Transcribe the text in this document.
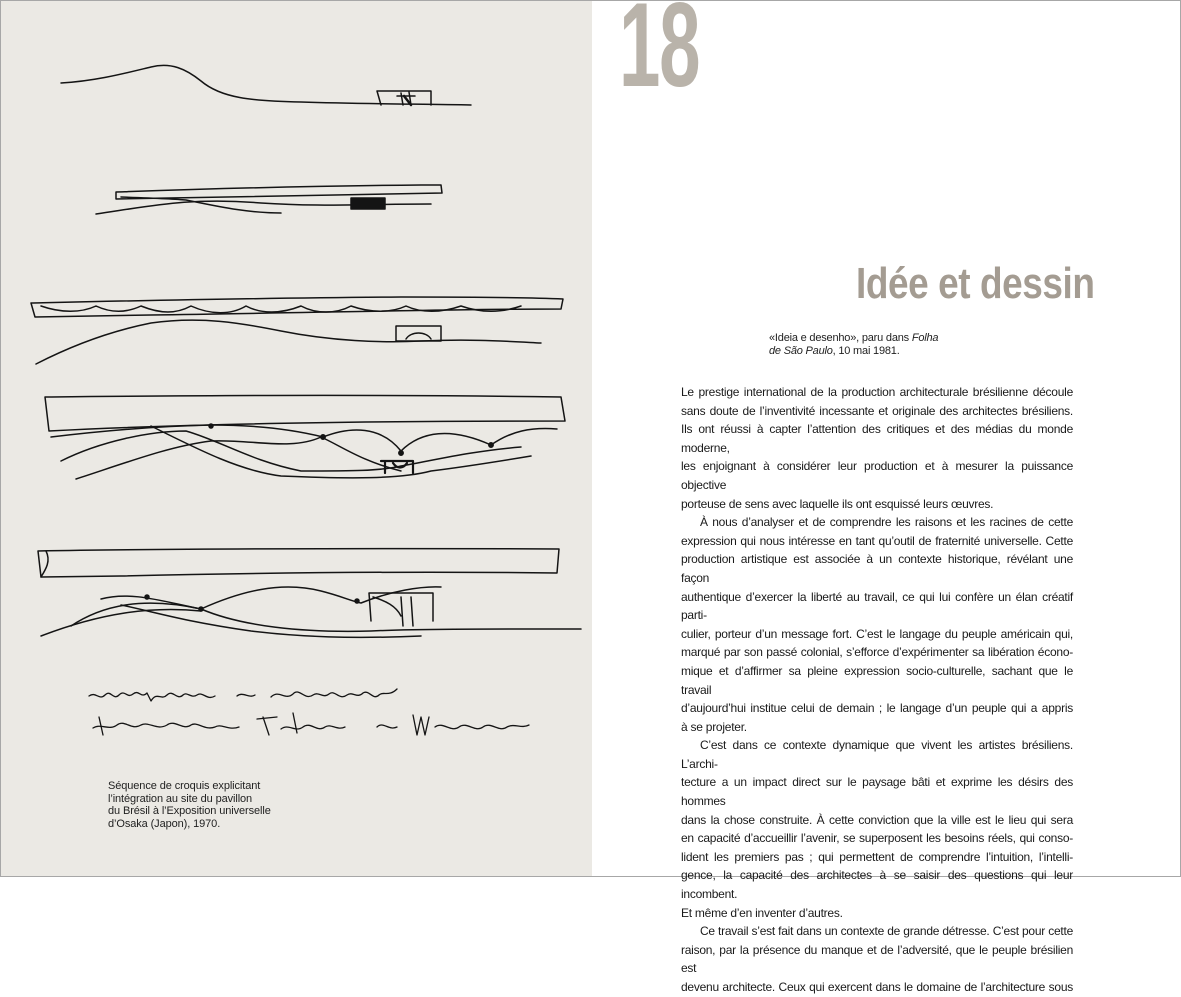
Séquence de croquis explicitant

l’intégration au site du pavillon

du Brésil à l’Exposition universelle

d’Osaka (Japon), 1970.

18
Idée et dessin

«Ideia e desenho», paru dans Folha

de São Paulo, 10 mai 1981.

Le prestige international de la production architecturale brésilienne découle

sans doute de l’inventivité incessante et originale des architectes brésiliens.

Ils ont réussi à capter l’attention des critiques et des médias du monde moderne,

les enjoignant à considérer leur production et à mesurer la puissance objective

porteuse de sens avec laquelle ils ont esquissé leurs œuvres.

À nous d’analyser et de comprendre les raisons et les racines de cette

expression qui nous intéresse en tant qu’outil de fraternité universelle. Cette

production artistique est associée à un contexte historique, révélant une façon

authentique d’exercer la liberté au travail, ce qui lui confère un élan créatif parti-

culier, porteur d’un message fort. C’est le langage du peuple américain qui,

marqué par son passé colonial, s’efforce d’expérimenter sa libération écono-

mique et d’affirmer sa pleine expression socio-culturelle, sachant que le travail

d’aujourd’hui institue celui de demain ; le langage d’un peuple qui a appris

à se projeter.

C’est dans ce contexte dynamique que vivent les artistes brésiliens. L’archi-

tecture a un impact direct sur le paysage bâti et exprime les désirs des hommes

dans la chose construite. À cette conviction que la ville est le lieu qui sera

en capacité d’accueillir l’avenir, se superposent les besoins réels, qui conso-

lident les premiers pas ; qui permettent de comprendre l’intuition, l’intelli-

gence, la capacité des architectes à se saisir des questions qui leur incombent.

Et même d’en inventer d’autres.

Ce travail s’est fait dans un contexte de grande détresse. C’est pour cette

raison, par la présence du manque et de l’adversité, que le peuple brésilien est

devenu architecte. Ceux qui exercent dans le domaine de l’architecture sous
